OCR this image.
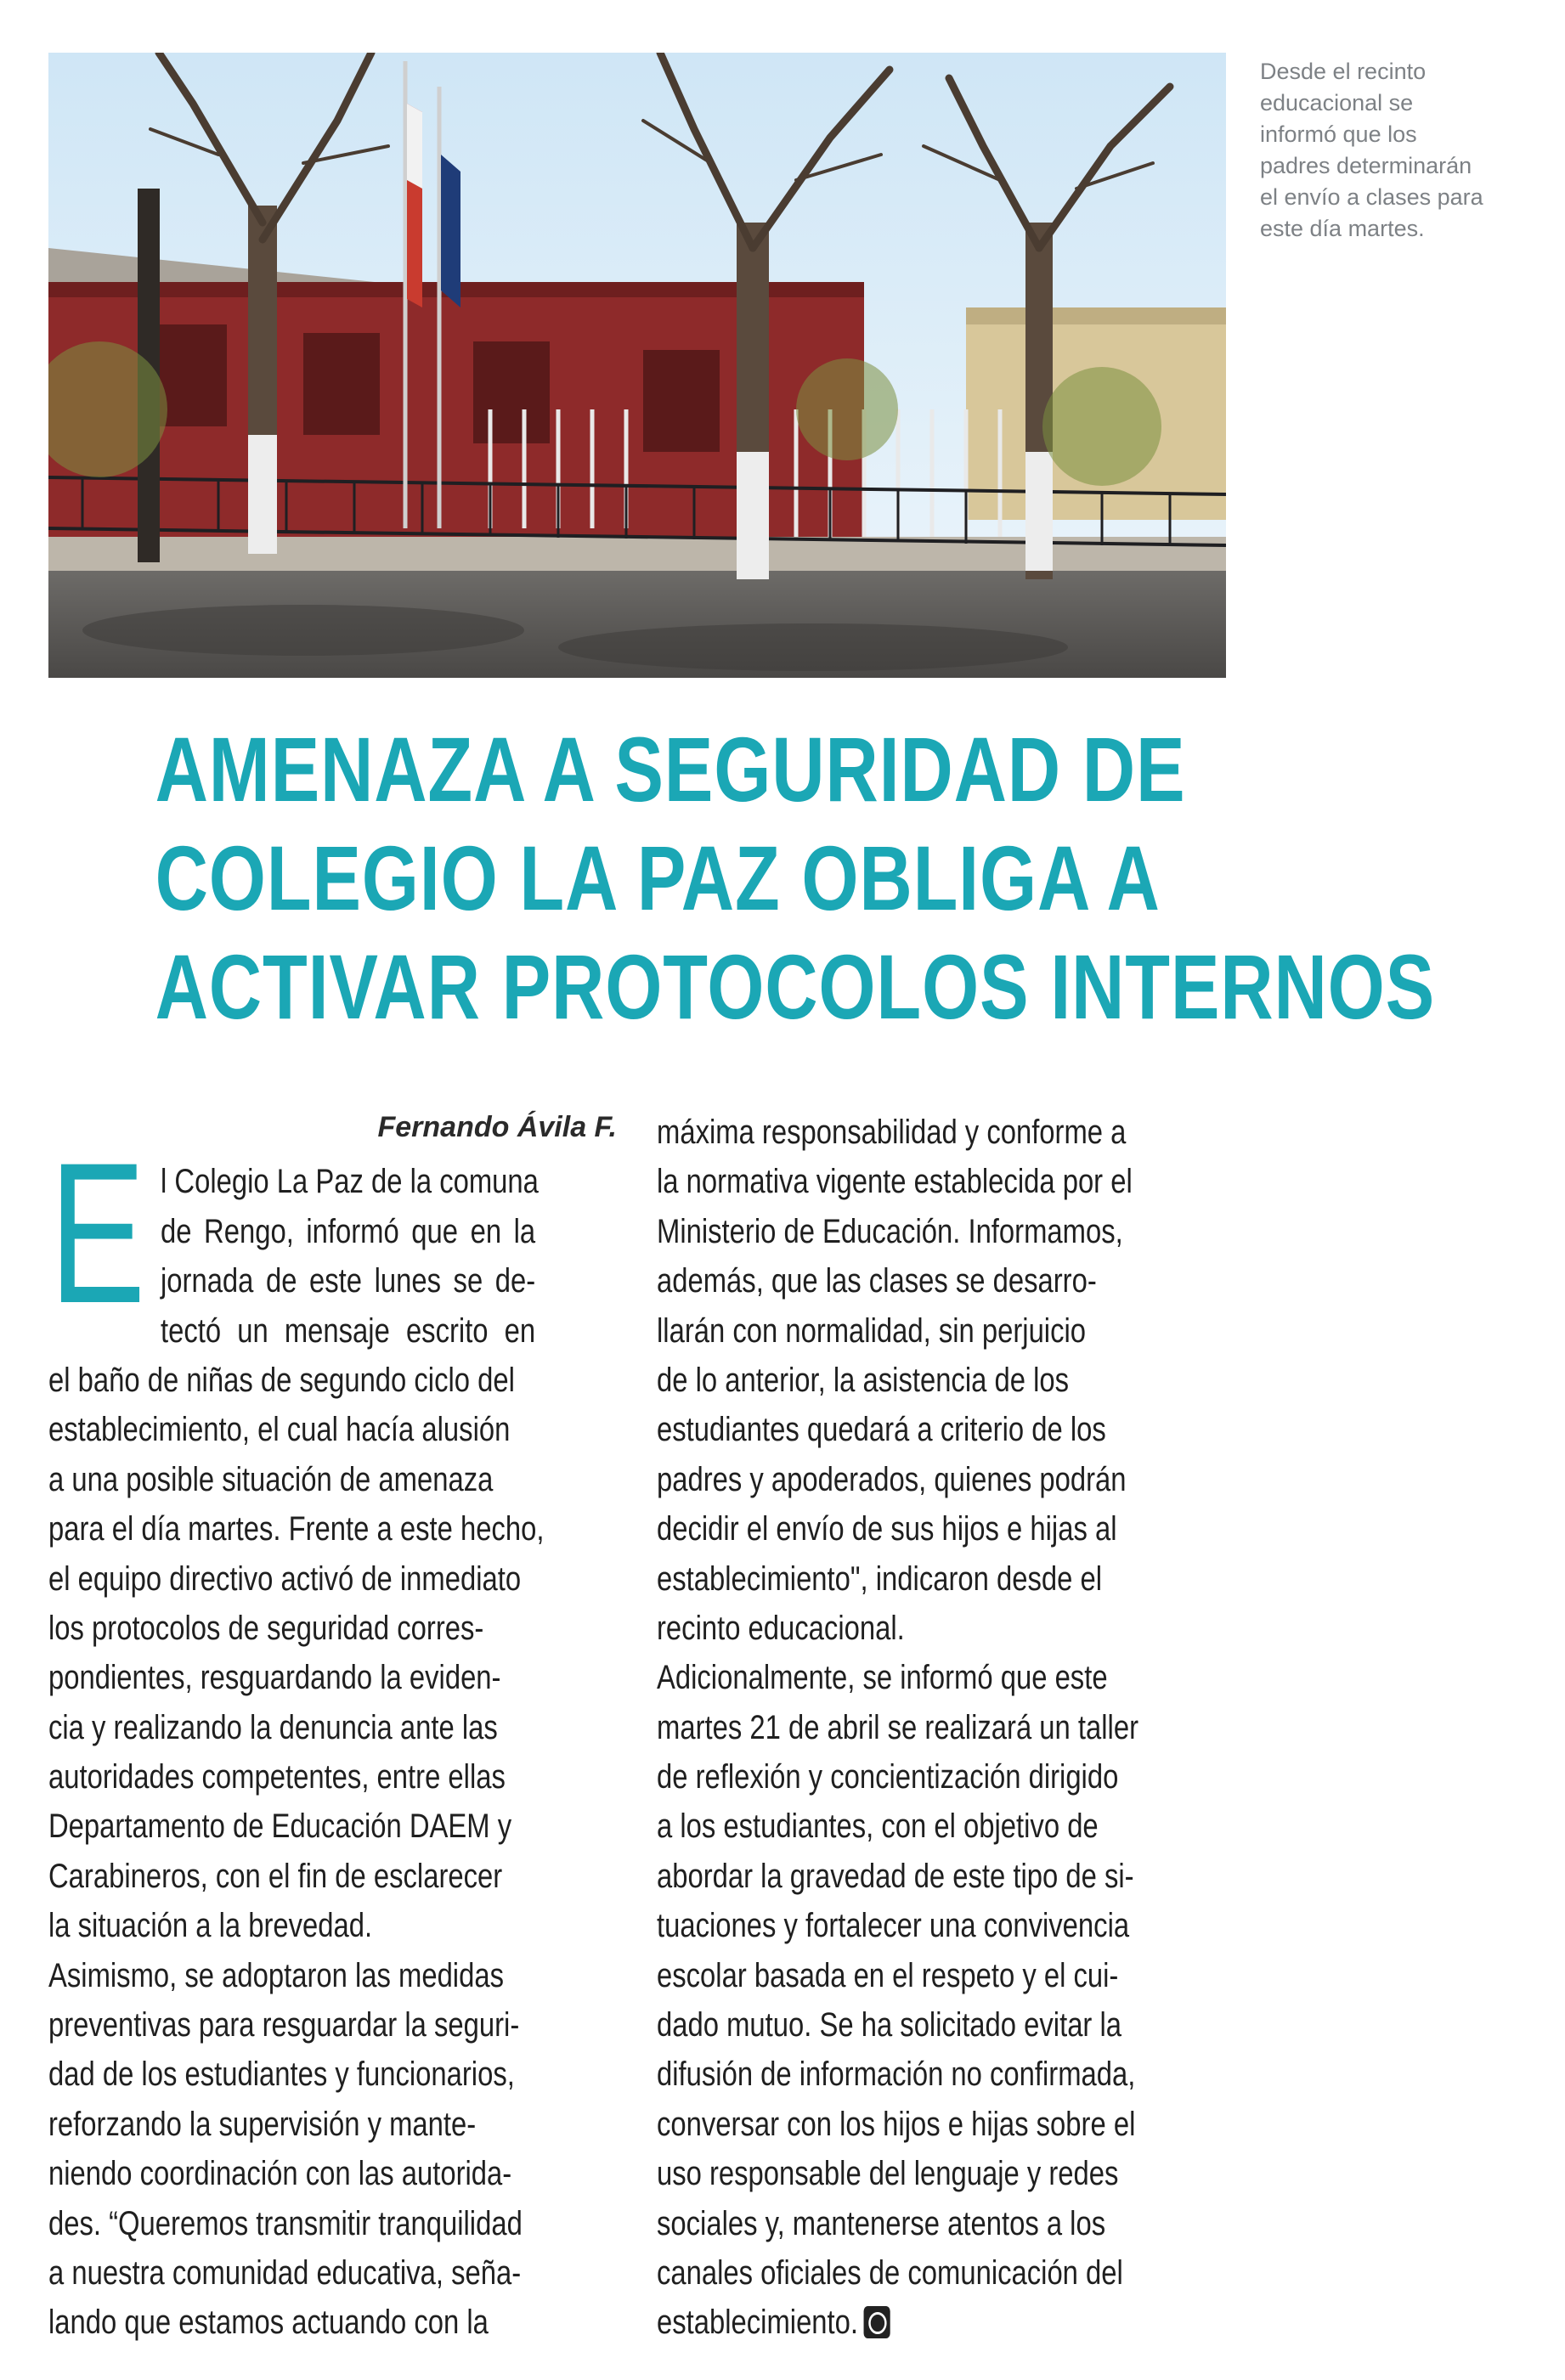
Desde el recinto
educacional se
informó que los
padres determinarán
el envío a clases para
este día martes.
AMENAZA A SEGURIDAD DE
COLEGIO LA PAZ OBLIGA A
ACTIVAR PROTOCOLOS INTERNOS
Fernando Ávila F.
E l Colegio La Paz de la comuna
de Rengo, informó que en la
jornada de este lunes se de-
tectó un mensaje escrito en
el baño de niñas de segundo ciclo del
establecimiento, el cual hacía alusión
a una posible situación de amenaza
para el día martes. Frente a este hecho,
el equipo directivo activó de inmediato
los protocolos de seguridad corres-
pondientes, resguardando la eviden-
cia y realizando la denuncia ante las
autoridades competentes, entre ellas
Departamento de Educación DAEM y
Carabineros, con el fin de esclarecer
la situación a la brevedad.
Asimismo, se adoptaron las medidas
preventivas para resguardar la seguri-
dad de los estudiantes y funcionarios,
reforzando la supervisión y mante-
niendo coordinación con las autorida-
des. “Queremos transmitir tranquilidad
a nuestra comunidad educativa, seña-
lando que estamos actuando con la
máxima responsabilidad y conforme a
la normativa vigente establecida por el
Ministerio de Educación. Informamos,
además, que las clases se desarro-
llarán con normalidad, sin perjuicio
de lo anterior, la asistencia de los
estudiantes quedará a criterio de los
padres y apoderados, quienes podrán
decidir el envío de sus hijos e hijas al
establecimiento", indicaron desde el
recinto educacional.
Adicionalmente, se informó que este
martes 21 de abril se realizará un taller
de reflexión y concientización dirigido
a los estudiantes, con el objetivo de
abordar la gravedad de este tipo de si-
tuaciones y fortalecer una convivencia
escolar basada en el respeto y el cui-
dado mutuo. Se ha solicitado evitar la
difusión de información no confirmada,
conversar con los hijos e hijas sobre el
uso responsable del lenguaje y redes
sociales y, mantenerse atentos a los
canales oficiales de comunicación del
establecimiento.
